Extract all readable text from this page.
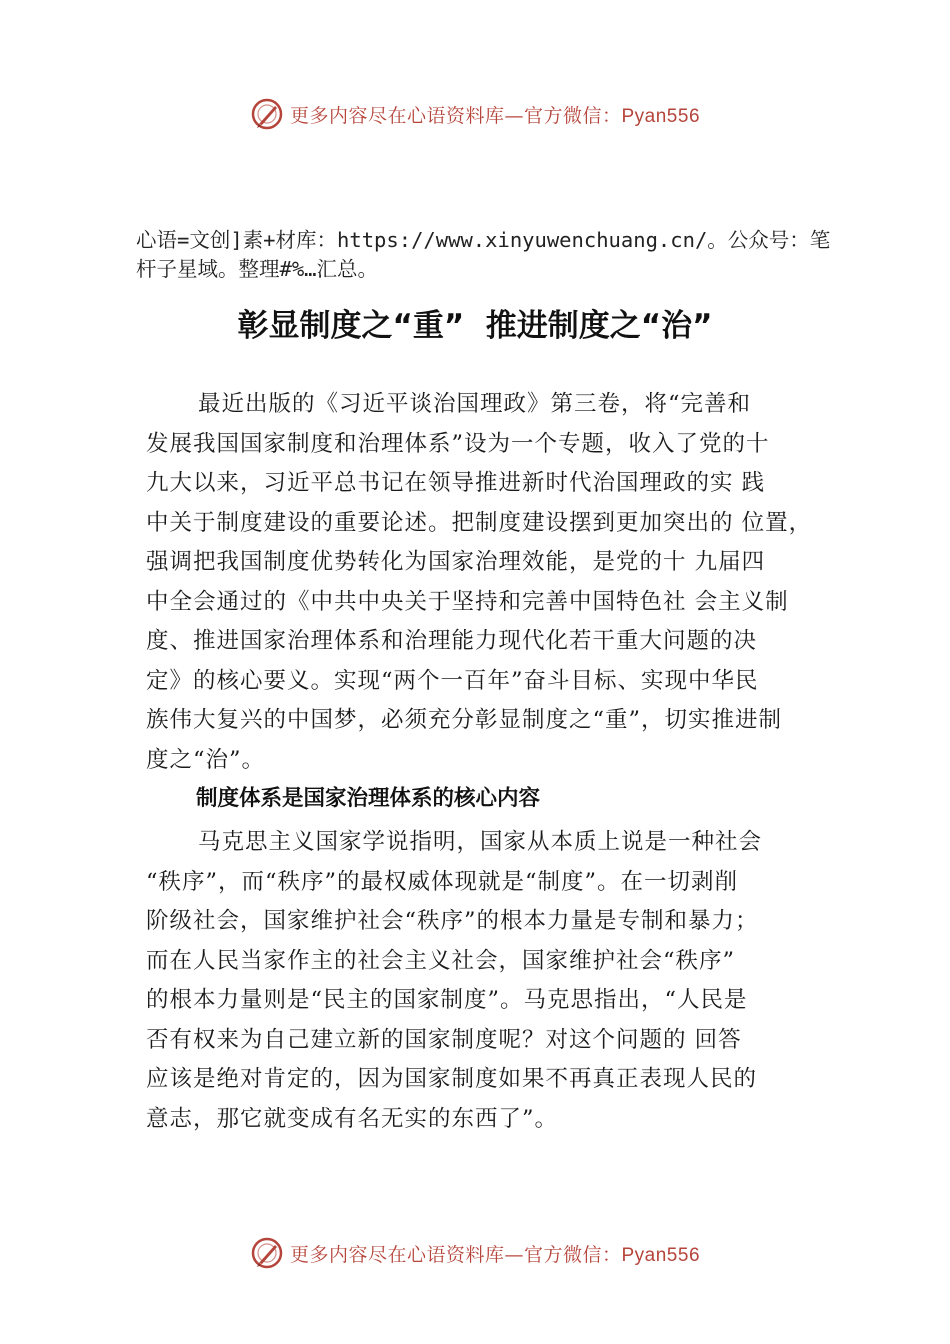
更多内容尽在心语资料库—官方微信：Pyan556
心语=文创]素+材库：https://www.xinyuwenchuang.cn/。公众号：笔杆子星域。整理#%…汇总。
彰显制度之“重”  推进制度之“治”
最近出版的《习近平谈治国理政》第三卷，将“完善和
发展我国国家制度和治理体系”设为一个专题，收入了党的十
九大以来，习近平总书记在领导推进新时代治国理政的实 践
中关于制度建设的重要论述。把制度建设摆到更加突出的 位置，
强调把我国制度优势转化为国家治理效能，是党的十 九届四
中全会通过的《中共中央关于坚持和完善中国特色社 会主义制
度、推进国家治理体系和治理能力现代化若干重大问题的决
定》的核心要义。实现“两个一百年”奋斗目标、实现中华民
族伟大复兴的中国梦，必须充分彰显制度之“重”，切实推进制
度之“治”。
制度体系是国家治理体系的核心内容
马克思主义国家学说指明，国家从本质上说是一种社会
“秩序”，而“秩序”的最权威体现就是“制度”。在一切剥削
阶级社会，国家维护社会“秩序”的根本力量是专制和暴力；
而在人民当家作主的社会主义社会，国家维护社会“秩序”
的根本力量则是“民主的国家制度”。马克思指出，“人民是
否有权来为自己建立新的国家制度呢？对这个问题的 回答
应该是绝对肯定的，因为国家制度如果不再真正表现人民的
意志，那它就变成有名无实的东西了”。
更多内容尽在心语资料库—官方微信：Pyan556
